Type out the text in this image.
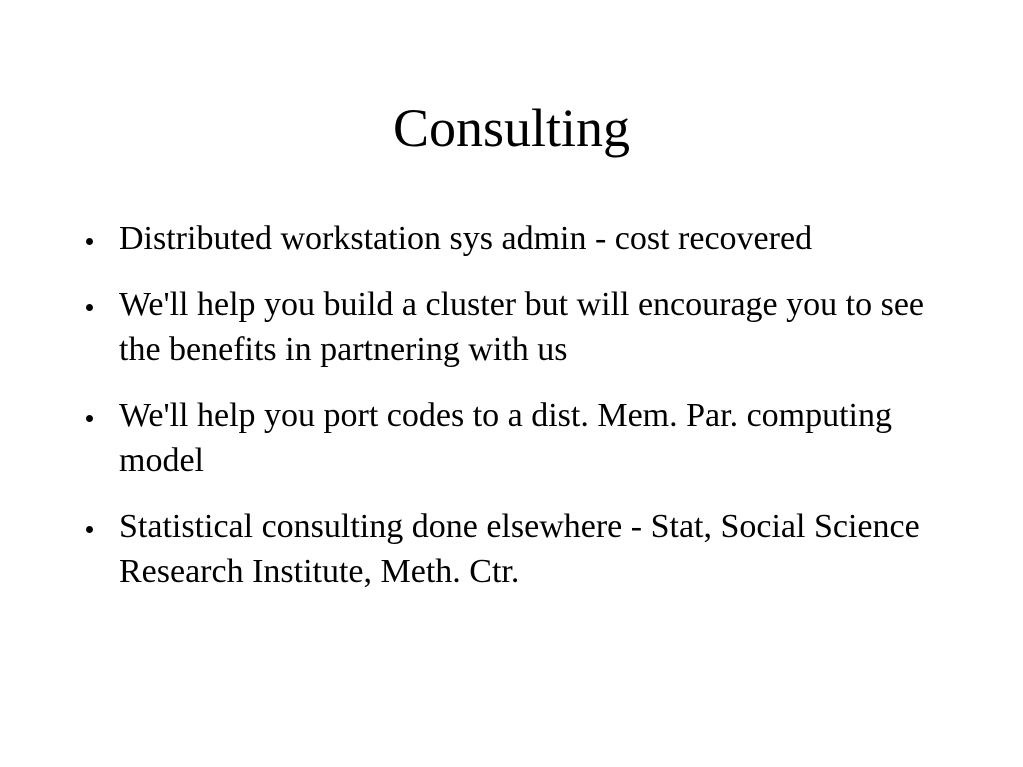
Consulting
Distributed workstation sys admin - cost recovered
We'll help you build a cluster but will encourage you to see the benefits in partnering with us
We'll help you port codes to a dist. Mem. Par. computing model
Statistical consulting done elsewhere - Stat, Social Science Research Institute, Meth. Ctr.
